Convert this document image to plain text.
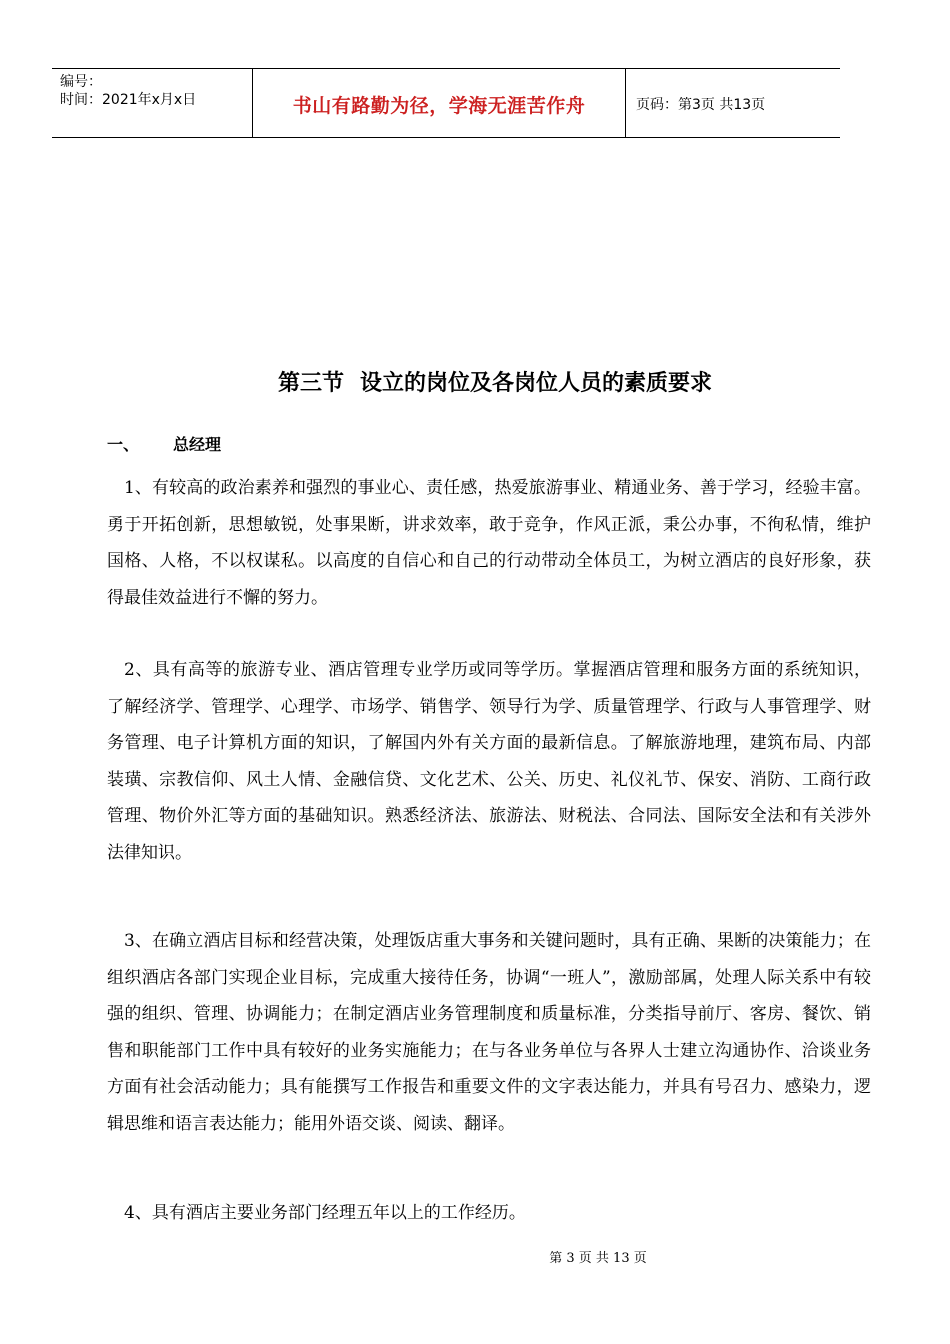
编号：
时间：2021年x月x日	书山有路勤为径，学海无涯苦作舟	页码：第3页 共13页
第三节 设立的岗位及各岗位人员的素质要求
一、 总经理

1、有较高的政治素养和强烈的事业心、责任感，热爱旅游事业、精通业务、善于学习，经验丰富。勇于开拓创新，思想敏锐，处事果断，讲求效率，敢于竞争，作风正派，秉公办事，不徇私情，维护国格、人格，不以权谋私。以高度的自信心和自己的行动带动全体员工，为树立酒店的良好形象，获得最佳效益进行不懈的努力。

2、具有高等的旅游专业、酒店管理专业学历或同等学历。掌握酒店管理和服务方面的系统知识， 了解经济学、管理学、心理学、市场学、销售学、领导行为学、质量管理学、行政与人事管理学、财务管理、电子计算机方面的知识，了解国内外有关方面的最新信息。了解旅游地理，建筑布局、内部装璜、宗教信仰、风土人情、金融信贷、文化艺术、公关、历史、礼仪礼节、保安、消防、工商行政管理、物价外汇等方面的基础知识。熟悉经济法、旅游法、财税法、合同法、国际安全法和有关涉外法律知识。

3、在确立酒店目标和经营决策，处理饭店重大事务和关键问题时，具有正确、果断的决策能力；在组织酒店各部门实现企业目标，完成重大接待任务，协调“一班人”，激励部属，处理人际关系中有较强的组织、管理、协调能力；在制定酒店业务管理制度和质量标准，分类指导前厅、客房、餐饮、销售和职能部门工作中具有较好的业务实施能力；在与各业务单位与各界人士建立沟通协作、洽谈业务方面有社会活动能力；具有能撰写工作报告和重要文件的文字表达能力，并具有号召力、感染力，逻辑思维和语言表达能力；能用外语交谈、阅读、翻译。

4、具有酒店主要业务部门经理五年以上的工作经历。

第 3 页 共 13 页
